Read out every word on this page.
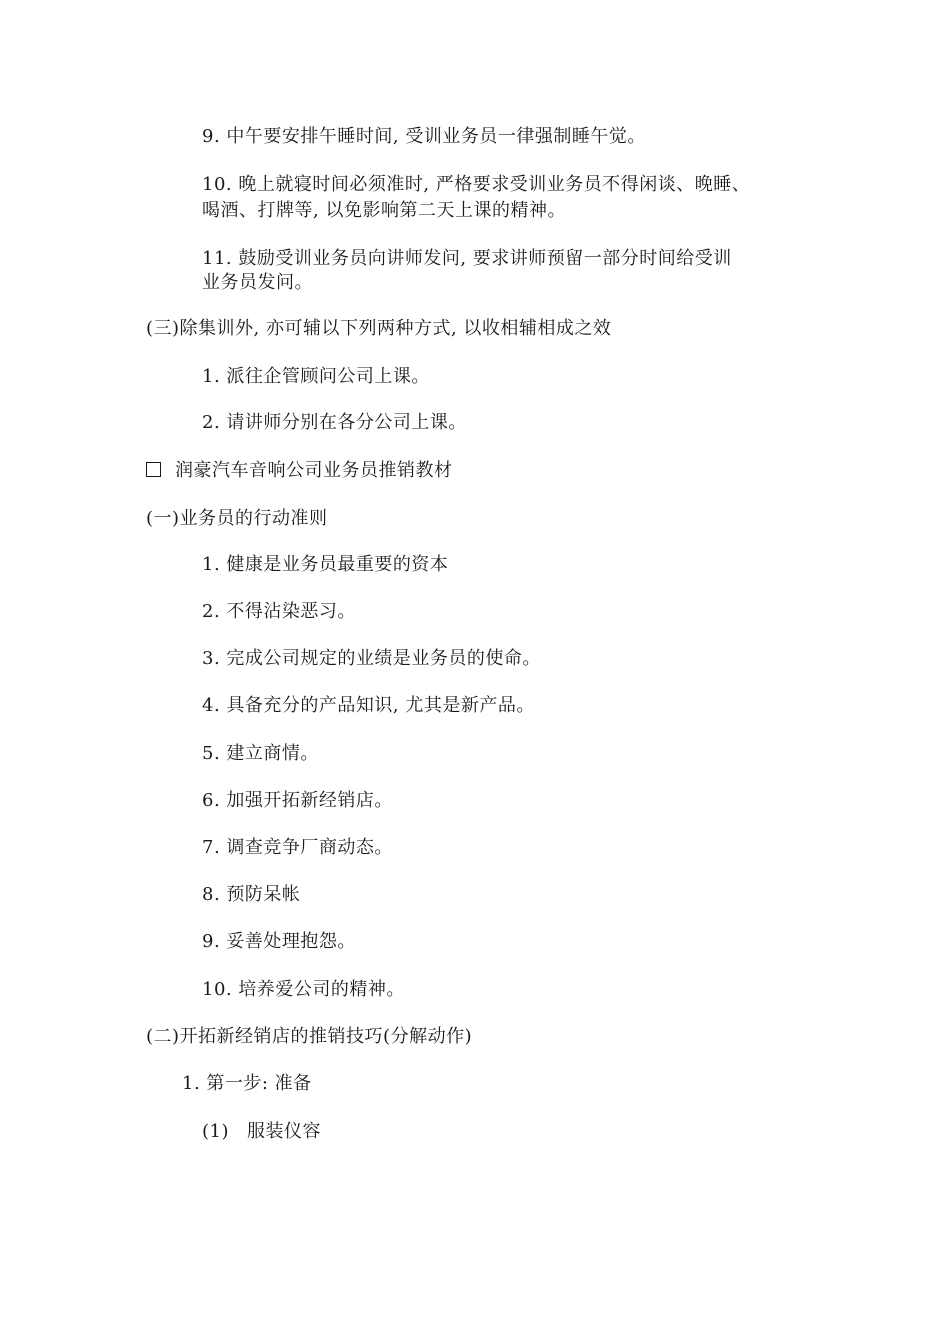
9. 中午要安排午睡时间, 受训业务员一律强制睡午觉。
10. 晚上就寝时间必须准时, 严格要求受训业务员不得闲谈、晚睡、
喝酒、打牌等, 以免影响第二天上课的精神。
11. 鼓励受训业务员向讲师发问, 要求讲师预留一部分时间给受训
业务员发问。
(三)除集训外, 亦可辅以下列两种方式, 以收相辅相成之效
1. 派往企管顾问公司上课。
2. 请讲师分别在各分公司上课。
润豪汽车音响公司业务员推销教材
(一)业务员的行动准则
1. 健康是业务员最重要的资本
2. 不得沾染恶习。
3. 完成公司规定的业绩是业务员的使命。
4. 具备充分的产品知识, 尤其是新产品。
5. 建立商情。
6. 加强开拓新经销店。
7. 调查竞争厂商动态。
8. 预防呆帐
9. 妥善处理抱怨。
10. 培养爱公司的精神。
(二)开拓新经销店的推销技巧(分解动作)
1. 第一步: 准备
(1) 服装仪容
